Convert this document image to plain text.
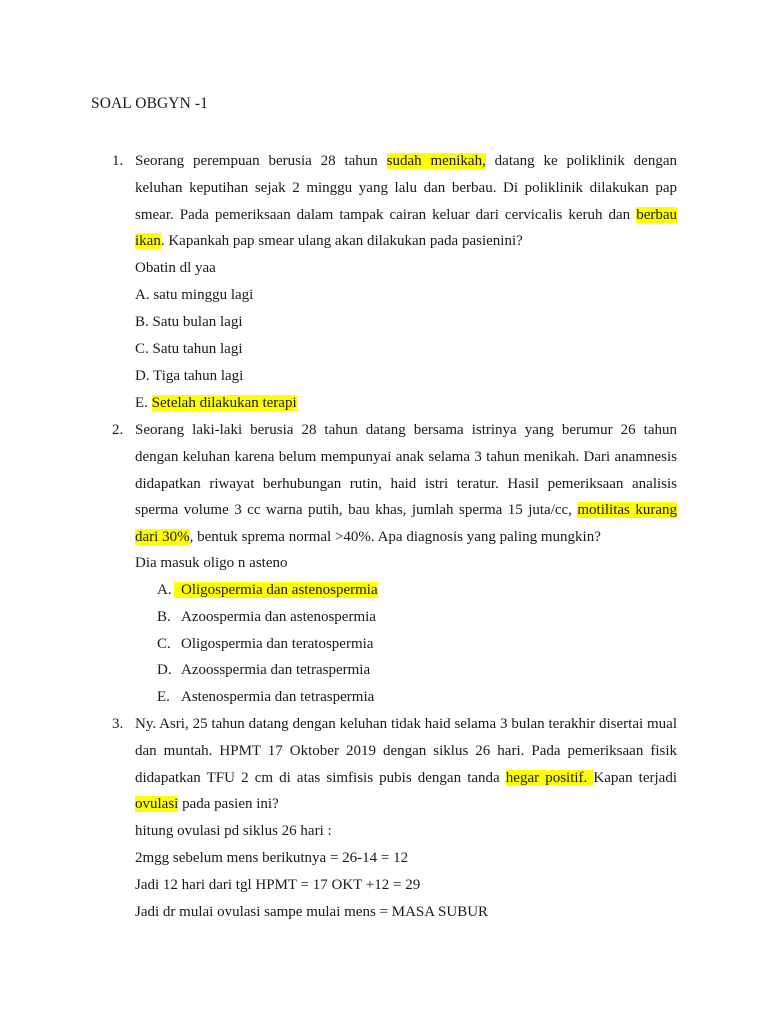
SOAL OBGYN -1
1. Seorang perempuan berusia 28 tahun sudah menikah, datang ke poliklinik dengan keluhan keputihan sejak 2 minggu yang lalu dan berbau. Di poliklinik dilakukan pap smear. Pada pemeriksaan dalam tampak cairan keluar dari cervicalis keruh dan berbau ikan. Kapankah pap smear ulang akan dilakukan pada pasienini?
Obatin dl yaa
A. satu minggu lagi
B. Satu bulan lagi
C. Satu tahun lagi
D. Tiga tahun lagi
E. Setelah dilakukan terapi
2. Seorang laki-laki berusia 28 tahun datang bersama istrinya yang berumur 26 tahun dengan keluhan karena belum mempunyai anak selama 3 tahun menikah. Dari anamnesis didapatkan riwayat berhubungan rutin, haid istri teratur. Hasil pemeriksaan analisis sperma volume 3 cc warna putih, bau khas, jumlah sperma 15 juta/cc, motilitas kurang dari 30%, bentuk sprema normal >40%. Apa diagnosis yang paling mungkin?
Dia masuk oligo n asteno
A. Oligospermia dan astenospermia
B. Azoospermia dan astenospermia
C. Oligospermia dan teratospermia
D. Azoosspermia dan tetraspermia
E. Astenospermia dan tetraspermia
3. Ny. Asri, 25 tahun datang dengan keluhan tidak haid selama 3 bulan terakhir disertai mual dan muntah. HPMT 17 Oktober 2019 dengan siklus 26 hari. Pada pemeriksaan fisik didapatkan TFU 2 cm di atas simfisis pubis dengan tanda hegar positif. Kapan terjadi ovulasi pada pasien ini?
hitung ovulasi pd siklus 26 hari :
2mgg sebelum mens berikutnya = 26-14 = 12
Jadi 12 hari dari tgl HPMT = 17 OKT +12 = 29
Jadi dr mulai ovulasi sampe mulai mens = MASA SUBUR
